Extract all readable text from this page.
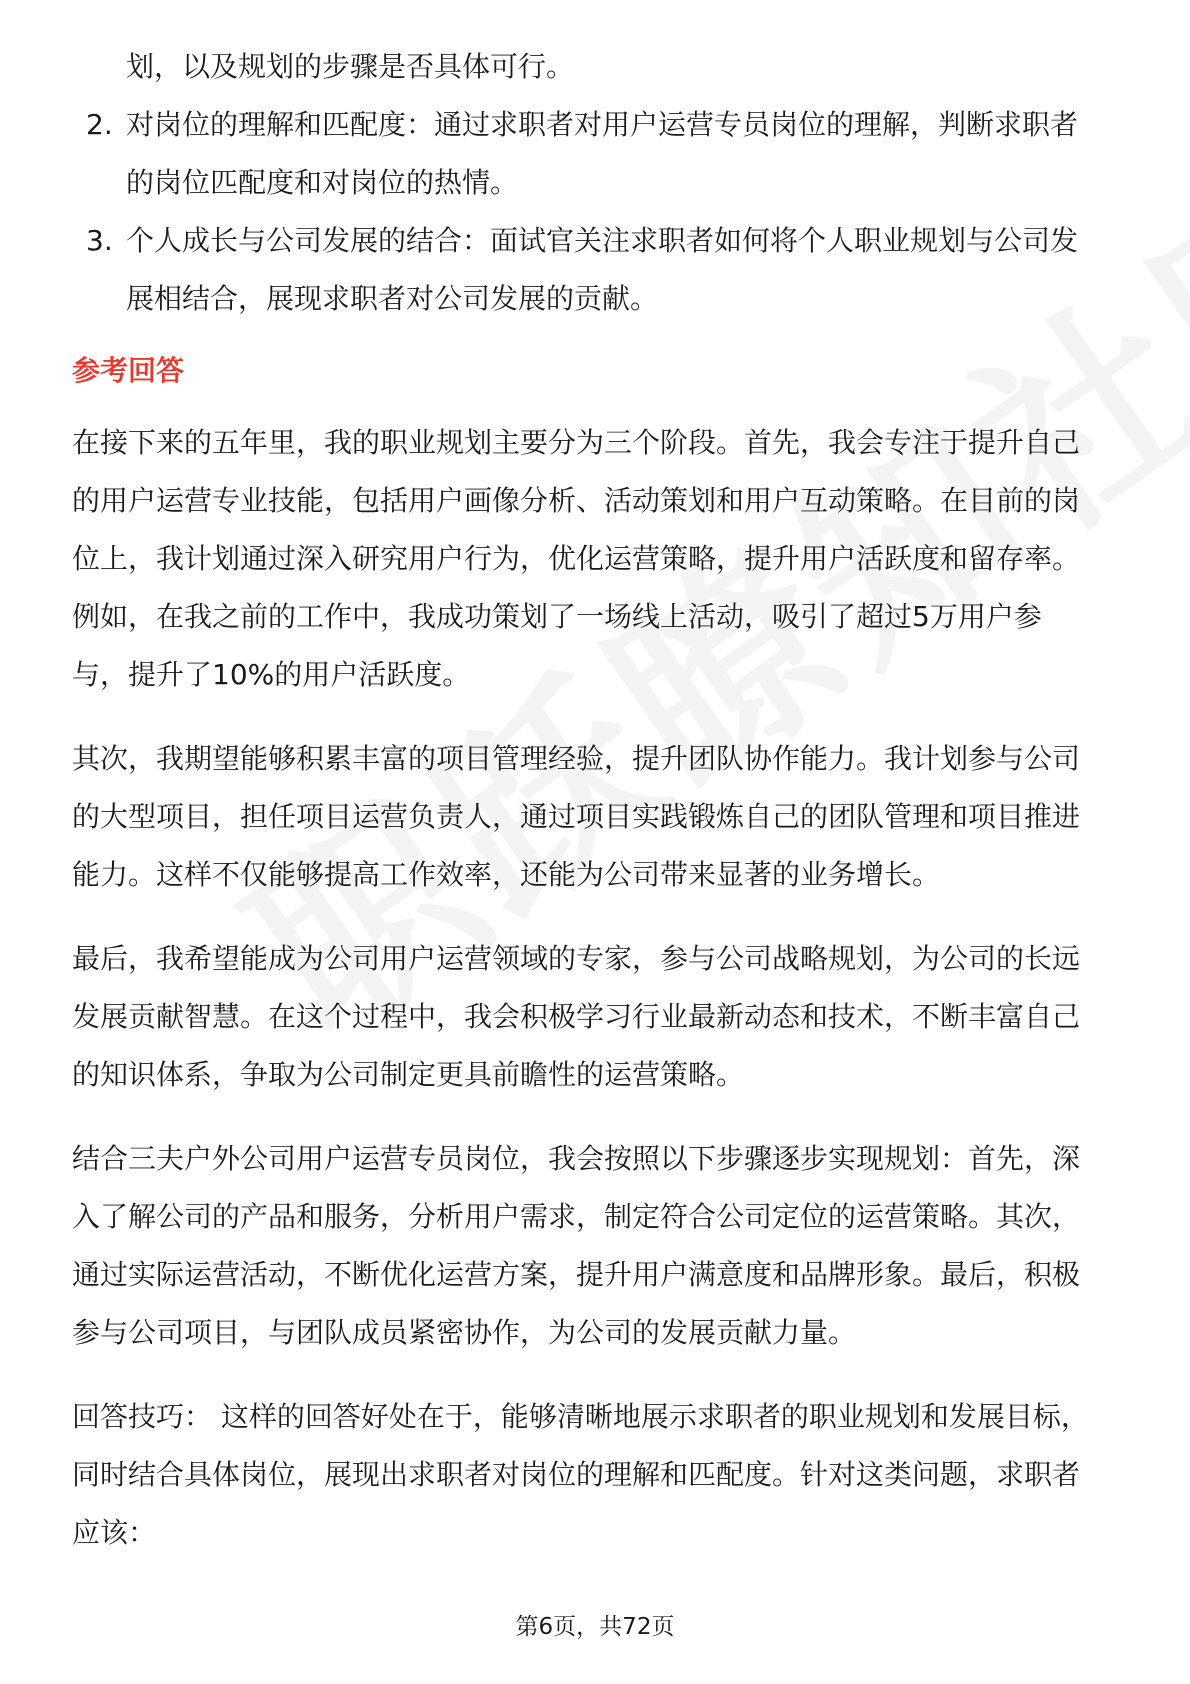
划，以及规划的步骤是否具体可行。
2. 对岗位的理解和匹配度：通过求职者对用户运营专员岗位的理解，判断求职者
的岗位匹配度和对岗位的热情。
3. 个人成长与公司发展的结合：面试官关注求职者如何将个人职业规划与公司发
展相结合，展现求职者对公司发展的贡献。
参考回答
在接下来的五年里，我的职业规划主要分为三个阶段。首先，我会专注于提升自己
的用户运营专业技能，包括用户画像分析、活动策划和用户互动策略。在目前的岗
位上，我计划通过深入研究用户行为，优化运营策略，提升用户活跃度和留存率。
例如，在我之前的工作中，我成功策划了一场线上活动，吸引了超过5万用户参
与，提升了10%的用户活跃度。
其次，我期望能够积累丰富的项目管理经验，提升团队协作能力。我计划参与公司
的大型项目，担任项目运营负责人，通过项目实践锻炼自己的团队管理和项目推进
能力。这样不仅能够提高工作效率，还能为公司带来显著的业务增长。
最后，我希望能成为公司用户运营领域的专家，参与公司战略规划，为公司的长远
发展贡献智慧。在这个过程中，我会积极学习行业最新动态和技术，不断丰富自己
的知识体系，争取为公司制定更具前瞻性的运营策略。
结合三夫户外公司用户运营专员岗位，我会按照以下步骤逐步实现规划：首先，深
入了解公司的产品和服务，分析用户需求，制定符合公司定位的运营策略。其次，
通过实际运营活动，不断优化运营方案，提升用户满意度和品牌形象。最后，积极
参与公司项目，与团队成员紧密协作，为公司的发展贡献力量。
回答技巧： 这样的回答好处在于，能够清晰地展示求职者的职业规划和发展目标，
同时结合具体岗位，展现出求职者对岗位的理解和匹配度。针对这类问题，求职者
应该：
第6页，共72页
